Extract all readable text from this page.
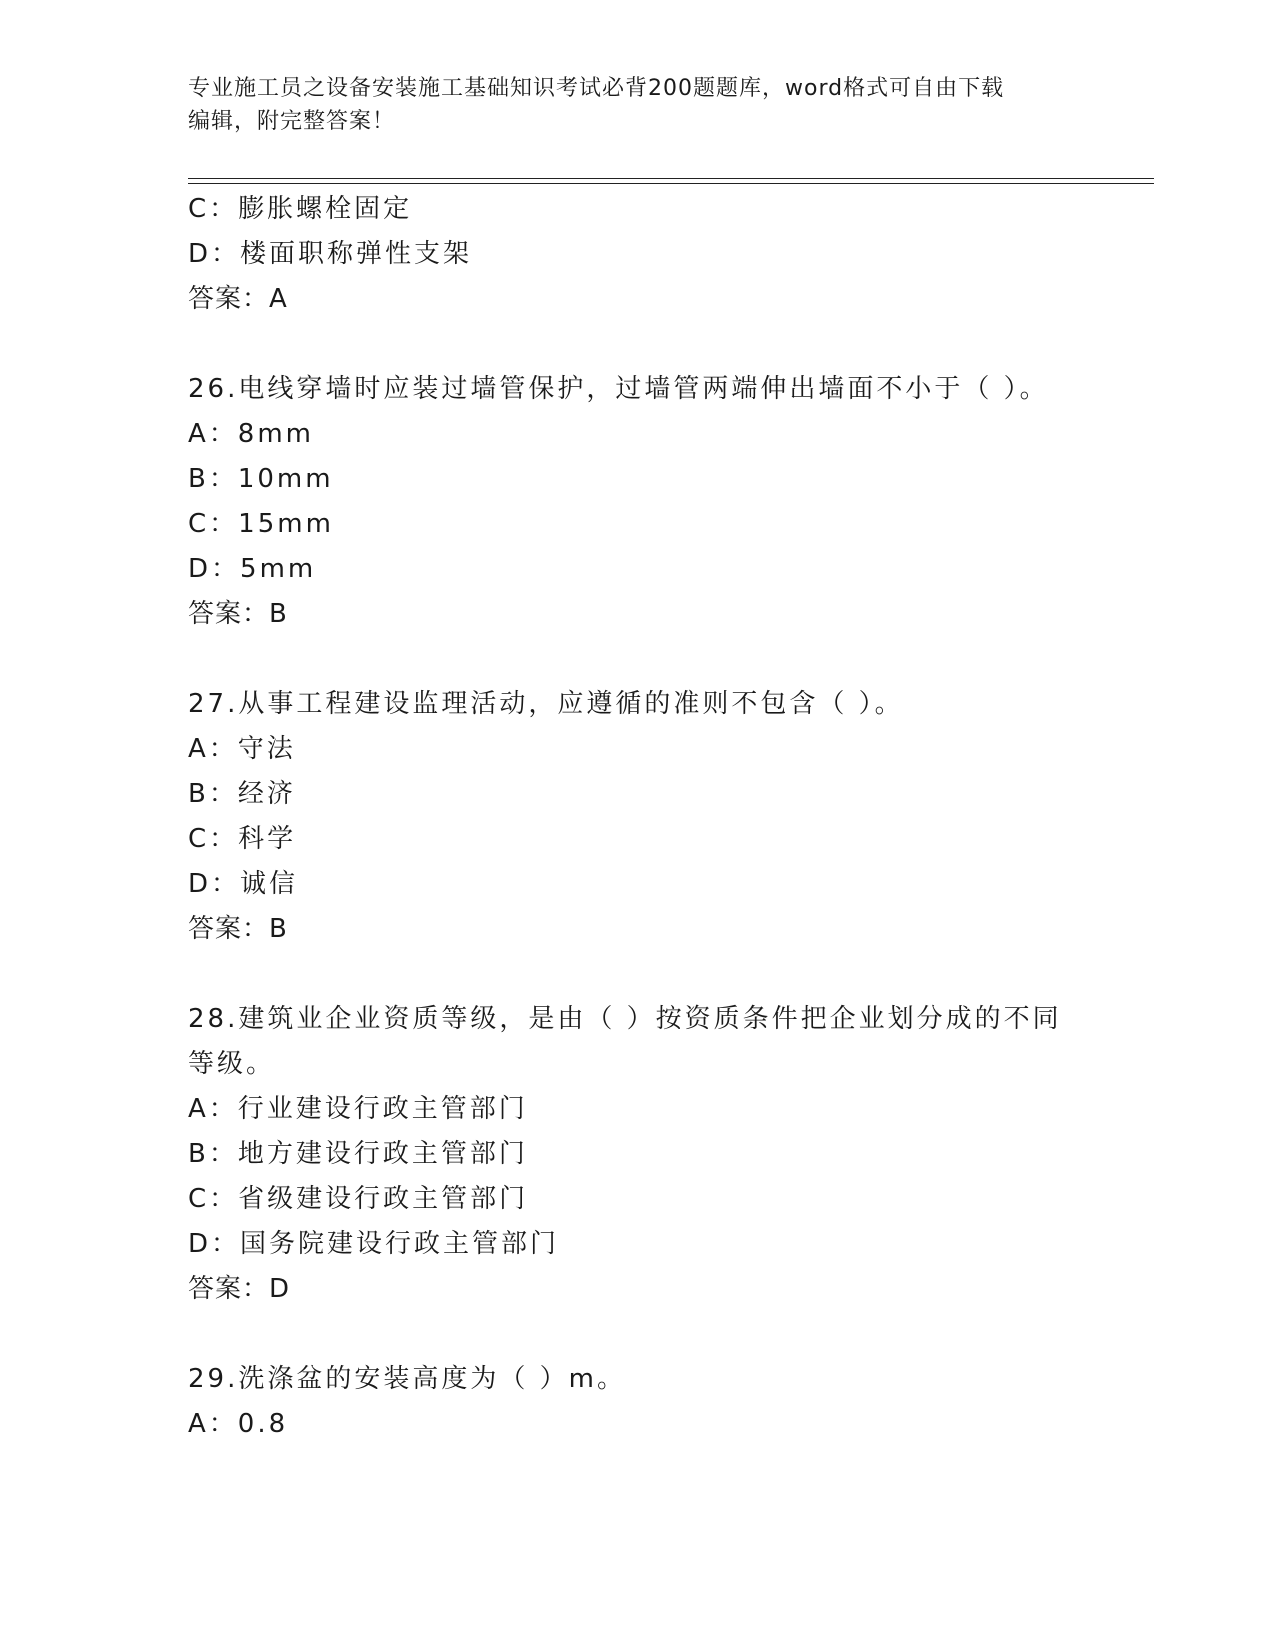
专业施工员之设备安装施工基础知识考试必背200题题库，word格式可自由下载
编辑，附完整答案！
C：膨胀螺栓固定
D：楼面职称弹性支架
答案：A
26.电线穿墙时应装过墙管保护，过墙管两端伸出墙面不小于（ ）。
A：8mm
B：10mm
C：15mm
D：5mm
答案：B
27.从事工程建设监理活动，应遵循的准则不包含（ ）。
A：守法
B：经济
C：科学
D：诚信
答案：B
28.建筑业企业资质等级，是由（ ）按资质条件把企业划分成的不同
等级。
A：行业建设行政主管部门
B：地方建设行政主管部门
C：省级建设行政主管部门
D：国务院建设行政主管部门
答案：D
29.洗涤盆的安装高度为（ ）m。
A：0.8
